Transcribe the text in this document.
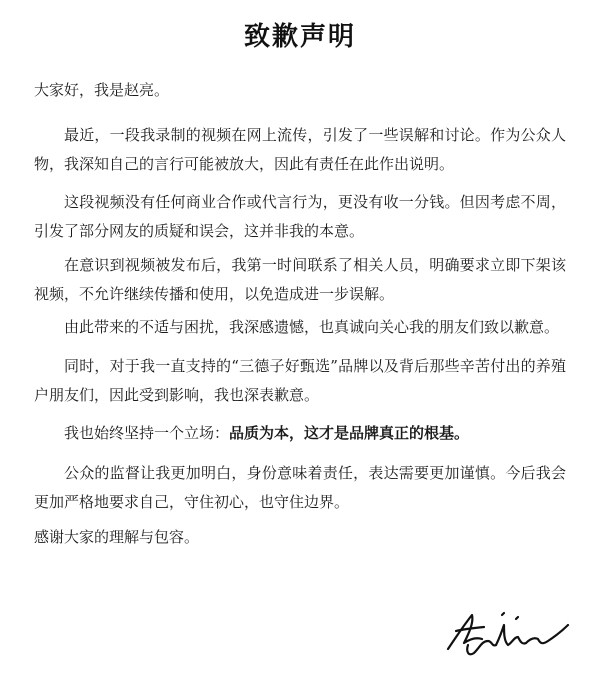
致歉声明

大家好，我是赵亮。

最近，一段我录制的视频在网上流传，引发了一些误解和讨论。作为公众人物，我深知自己的言行可能被放大，因此有责任在此作出说明。

这段视频没有任何商业合作或代言行为，更没有收一分钱。但因考虑不周，引发了部分网友的质疑和误会，这并非我的本意。

在意识到视频被发布后，我第一时间联系了相关人员，明确要求立即下架该视频，不允许继续传播和使用，以免造成进一步误解。

由此带来的不适与困扰，我深感遗憾，也真诚向关心我的朋友们致以歉意。

同时，对于我一直支持的“三德子好甄选”品牌以及背后那些辛苦付出的养殖户朋友们，因此受到影响，我也深表歉意。

我也始终坚持一个立场：品质为本，这才是品牌真正的根基。

公众的监督让我更加明白，身份意味着责任，表达需要更加谨慎。今后我会更加严格地要求自己，守住初心，也守住边界。

感谢大家的理解与包容。
